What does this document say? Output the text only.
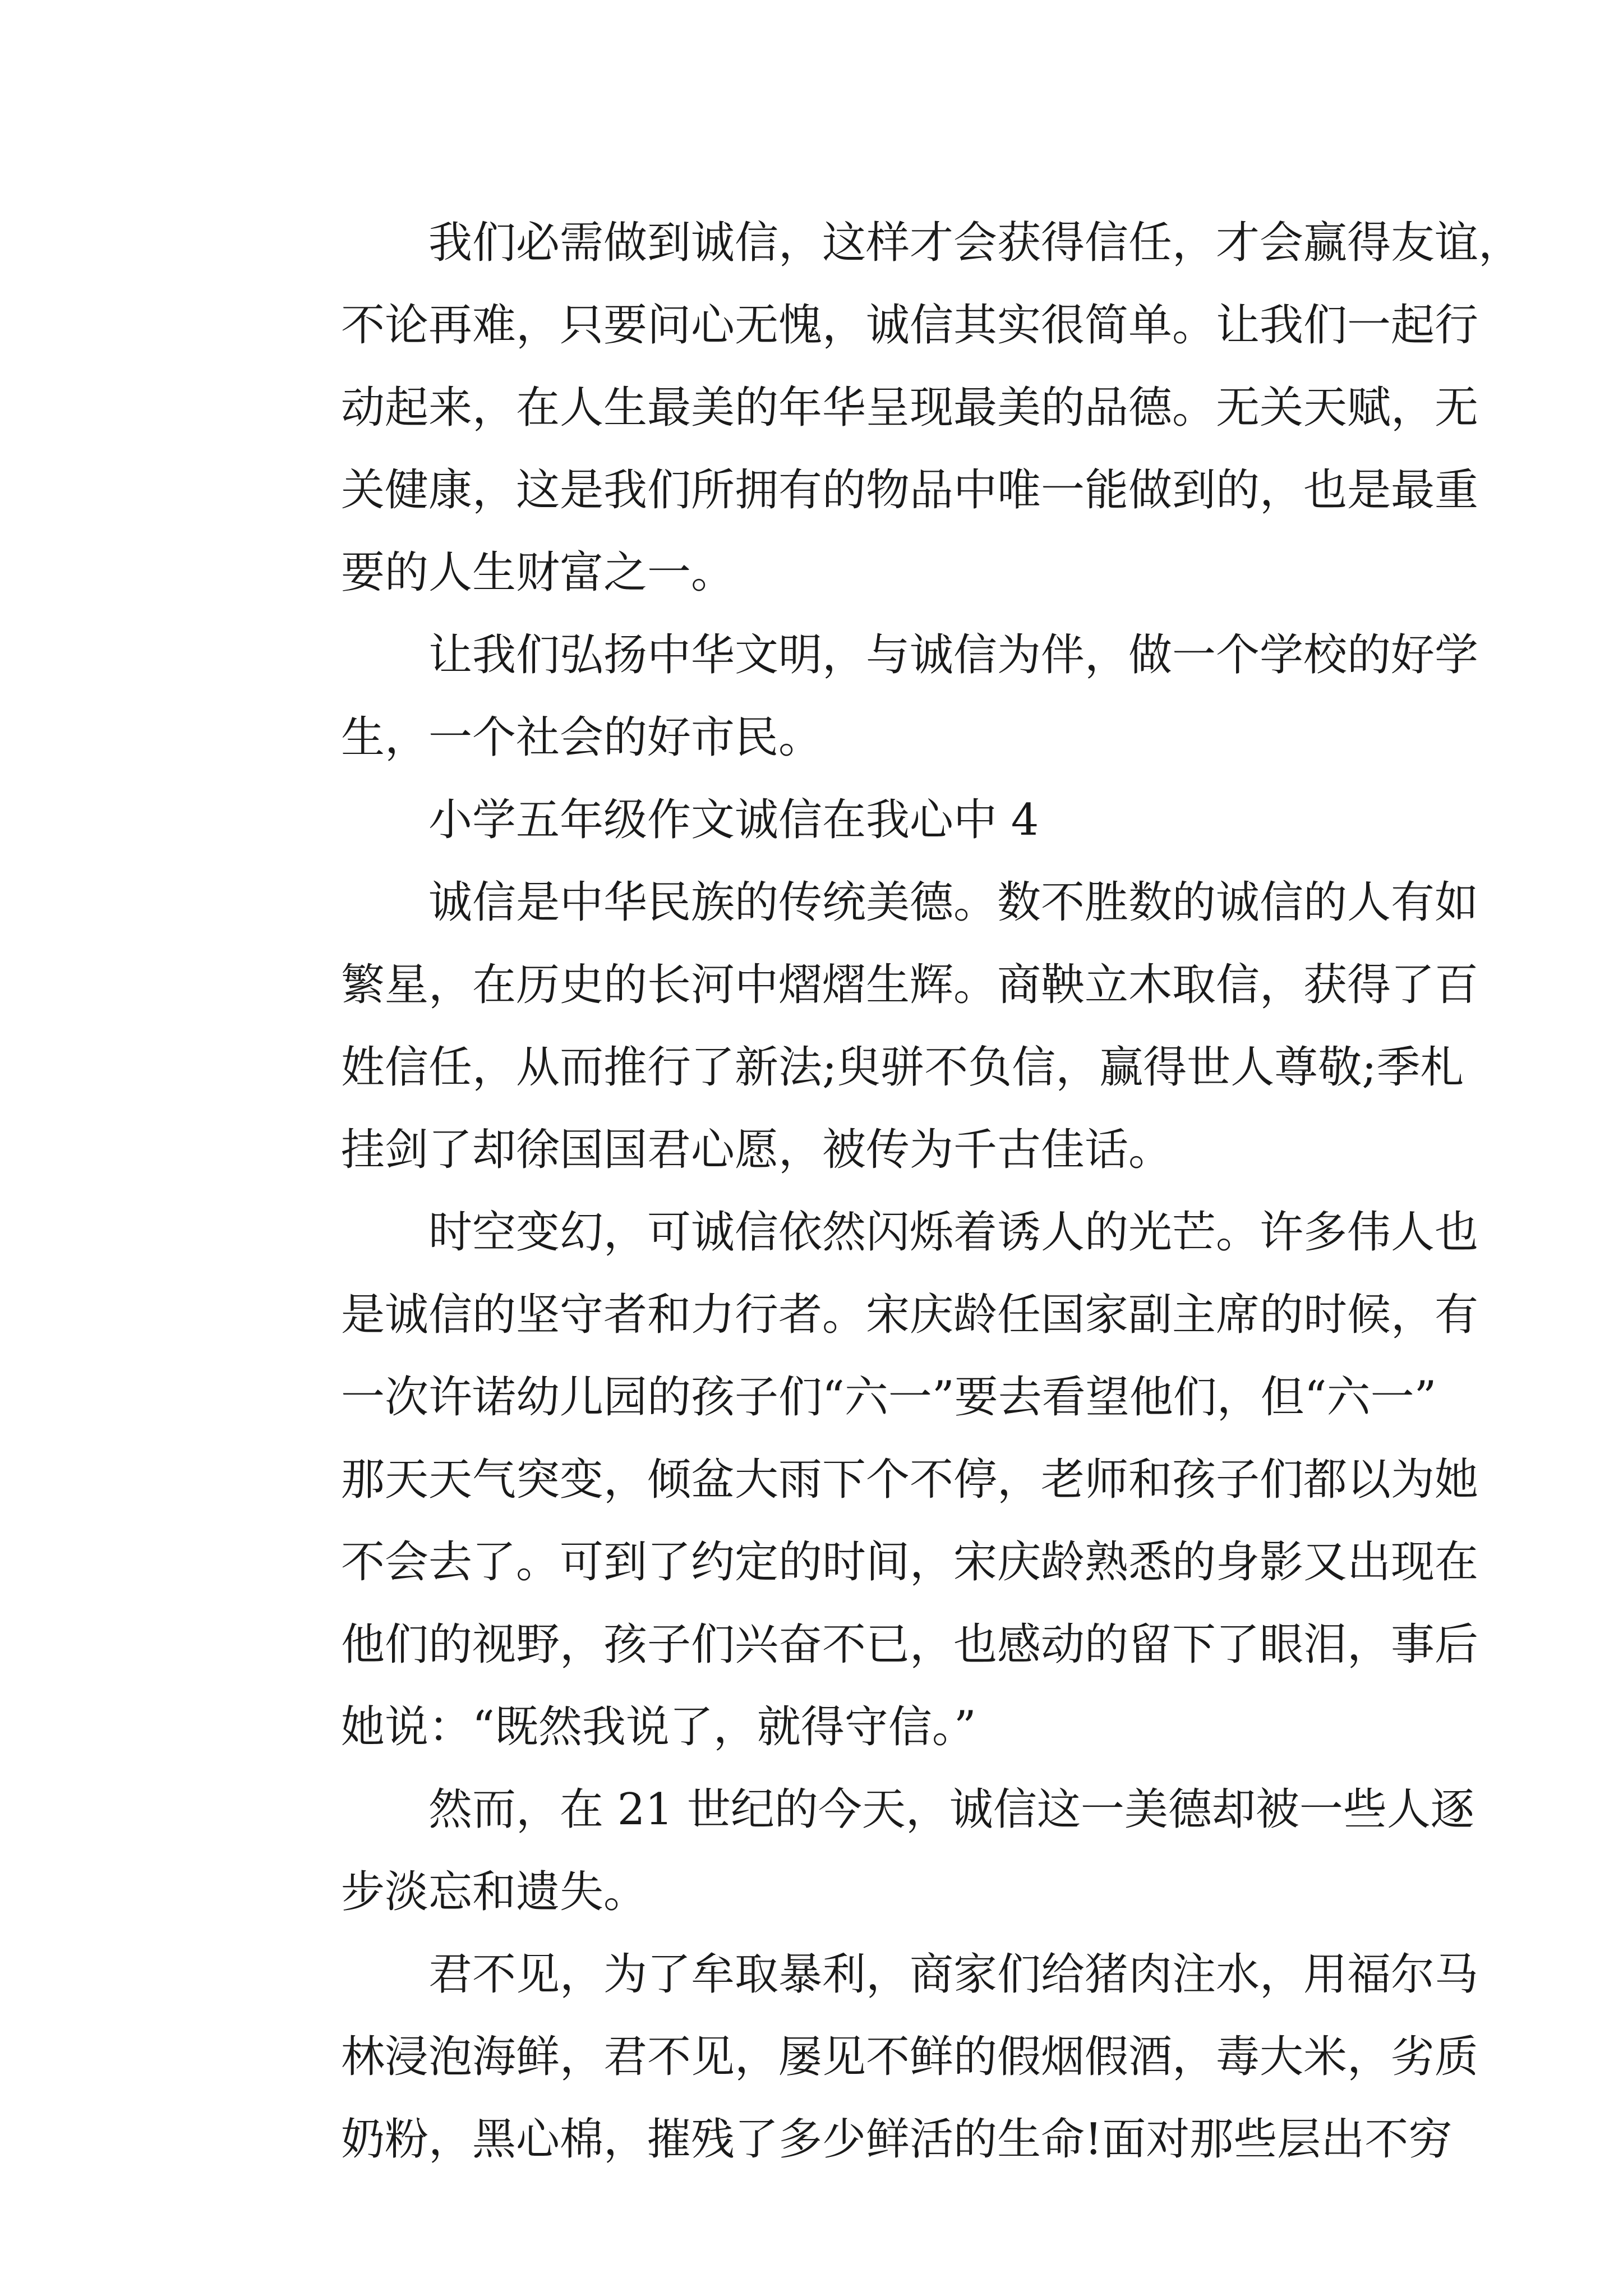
我们必需做到诚信，这样才会获得信任，才会赢得友谊，
不论再难，只要问心无愧，诚信其实很简单。让我们一起行
动起来，在人生最美的年华呈现最美的品德。无关天赋，无
关健康，这是我们所拥有的物品中唯一能做到的，也是最重
要的人生财富之一。
让我们弘扬中华文明，与诚信为伴，做一个学校的好学
生，一个社会的好市民。
小学五年级作文诚信在我心中 4
诚信是中华民族的传统美德。数不胜数的诚信的人有如
繁星，在历史的长河中熠熠生辉。商鞅立木取信，获得了百
姓信任，从而推行了新法;臾骈不负信，赢得世人尊敬;季札
挂剑了却徐国国君心愿，被传为千古佳话。
时空变幻，可诚信依然闪烁着诱人的光芒。许多伟人也
是诚信的坚守者和力行者。宋庆龄任国家副主席的时候，有
一次许诺幼儿园的孩子们“六一”要去看望他们，但“六一”
那天天气突变，倾盆大雨下个不停，老师和孩子们都以为她
不会去了。可到了约定的时间，宋庆龄熟悉的身影又出现在
他们的视野，孩子们兴奋不已，也感动的留下了眼泪，事后
她说：“既然我说了，就得守信。”
然而，在 21 世纪的今天，诚信这一美德却被一些人逐
步淡忘和遗失。
君不见，为了牟取暴利，商家们给猪肉注水，用福尔马
林浸泡海鲜，君不见，屡见不鲜的假烟假酒，毒大米，劣质
奶粉，黑心棉，摧残了多少鲜活的生命!面对那些层出不穷
